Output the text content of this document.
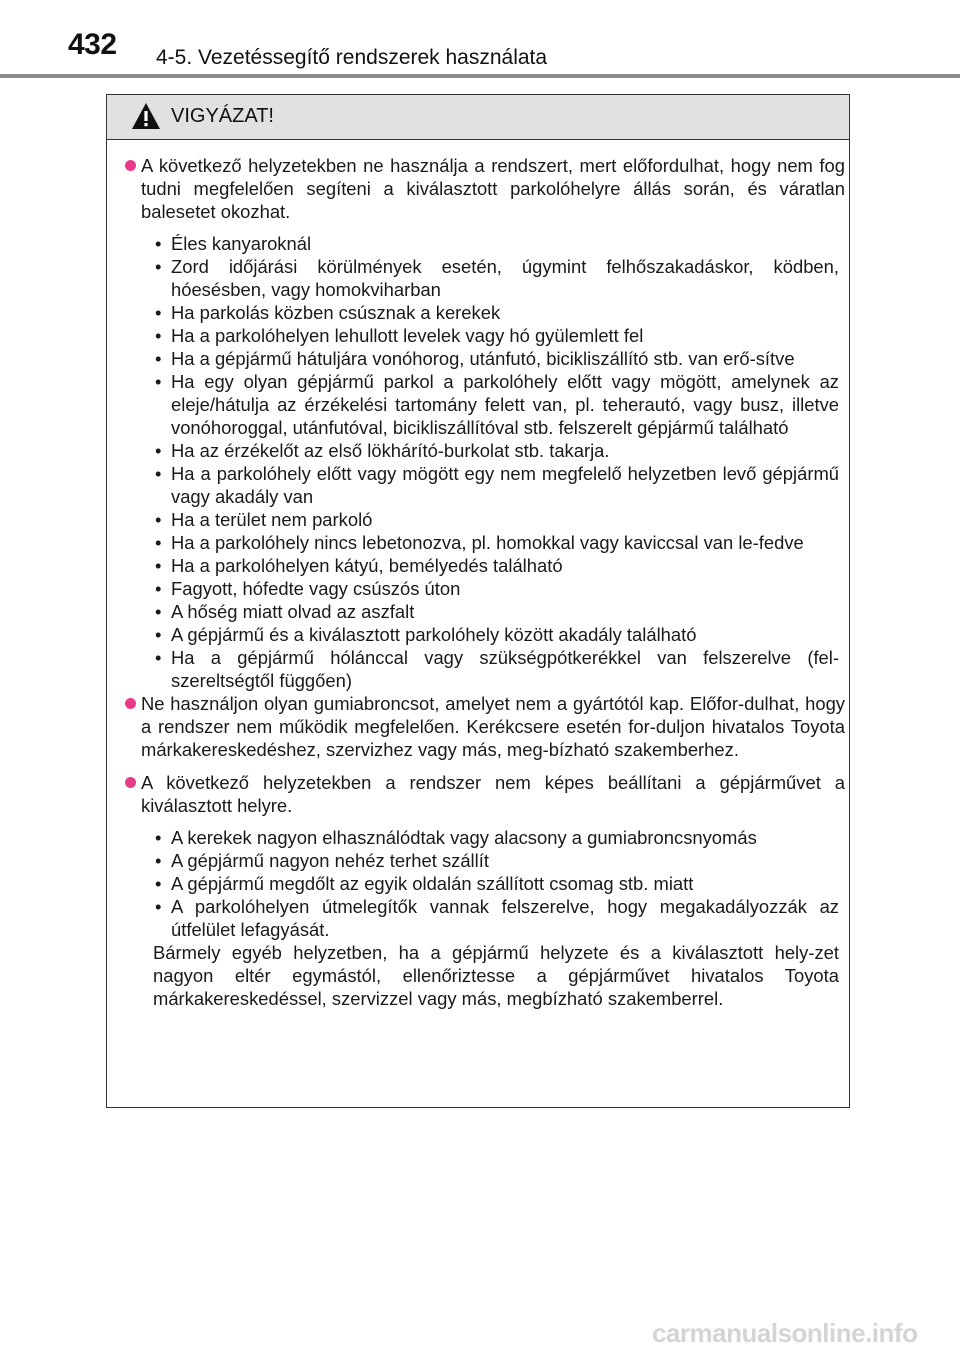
432 4-5. Vezetéssegítő rendszerek használata
VIGYÁZAT!
A következő helyzetekben ne használja a rendszert, mert előfordulhat, hogy nem fog tudni megfelelően segíteni a kiválasztott parkolóhelyre állás során, és váratlan balesetet okozhat.
• Éles kanyaroknál
• Zord időjárási körülmények esetén, úgymint felhőszakadáskor, ködben, hóesésben, vagy homokviharban
• Ha parkolás közben csúsznak a kerekek
• Ha a parkolóhelyen lehullott levelek vagy hó gyülemlett fel
• Ha a gépjármű hátuljára vonóhorog, utánfutó, bicikliszállító stb. van erő-sítve
• Ha egy olyan gépjármű parkol a parkolóhely előtt vagy mögött, amelynek az eleje/hátulja az érzékelési tartomány felett van, pl. teherautó, vagy busz, illetve vonóhoroggal, utánfutóval, bicikliszállítóval stb. felszerelt gépjármű található
• Ha az érzékelőt az első lökhárító-burkolat stb. takarja.
• Ha a parkolóhely előtt vagy mögött egy nem megfelelő helyzetben levő gépjármű vagy akadály van
• Ha a terület nem parkoló
• Ha a parkolóhely nincs lebetonozva, pl. homokkal vagy kaviccsal van le-fedve
• Ha a parkolóhelyen kátyú, bemélyedés található
• Fagyott, hófedte vagy csúszós úton
• A hőség miatt olvad az aszfalt
• A gépjármű és a kiválasztott parkolóhely között akadály található
• Ha a gépjármű hólánccal vagy szükségpótkerékkel van felszerelve (fel-szereltségtől függően)
Ne használjon olyan gumiabroncsot, amelyet nem a gyártótól kap. Előfor-dulhat, hogy a rendszer nem működik megfelelően. Kerékcsere esetén for-duljon hivatalos Toyota márkakereskedéshez, szervizhez vagy más, meg-bízható szakemberhez.
A következő helyzetekben a rendszer nem képes beállítani a gépjárművet a kiválasztott helyre.
• A kerekek nagyon elhasználódtak vagy alacsony a gumiabroncsnyomás
• A gépjármű nagyon nehéz terhet szállít
• A gépjármű megdőlt az egyik oldalán szállított csomag stb. miatt
• A parkolóhelyen útmelegítők vannak felszerelve, hogy megakadályozzák az útfelület lefagyását.

Bármely egyéb helyzetben, ha a gépjármű helyzete és a kiválasztott hely-zet nagyon eltér egymástól, ellenőriztesse a gépjárművet hivatalos Toyota márkakereskedéssel, szervizzel vagy más, megbízható szakemberrel.

carmanualsonline.info
